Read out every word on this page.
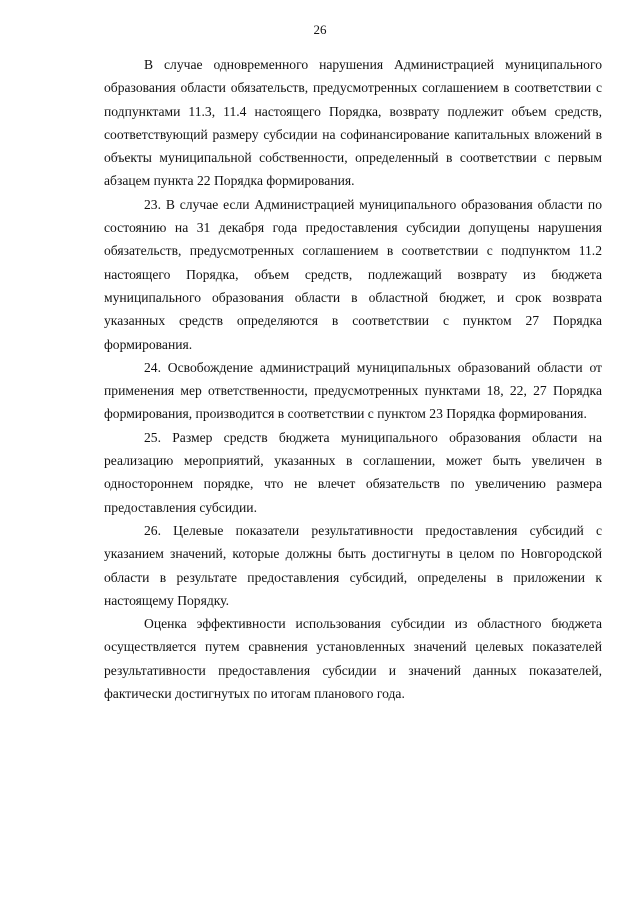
26

В случае одновременного нарушения Администрацией муниципального образования области обязательств, предусмотренных соглашением в соответствии с подпунктами 11.3, 11.4 настоящего Порядка, возврату подлежит объем средств, соответствующий размеру субсидии на софинансирование капитальных вложений в объекты муниципальной собственности, определенный в соответствии с первым абзацем пункта 22 Порядка формирования.

23. В случае если Администрацией муниципального образования области по состоянию на 31 декабря года предоставления субсидии допущены нарушения обязательств, предусмотренных соглашением в соответствии с подпунктом 11.2 настоящего Порядка, объем средств, подлежащий возврату из бюджета муниципального образования области в областной бюджет, и срок возврата указанных средств определяются в соответствии с пунктом 27 Порядка формирования.

24. Освобождение администраций муниципальных образований области от применения мер ответственности, предусмотренных пунктами 18, 22, 27 Порядка формирования, производится в соответствии с пунктом 23 Порядка формирования.

25. Размер средств бюджета муниципального образования области на реализацию мероприятий, указанных в соглашении, может быть увеличен в одностороннем порядке, что не влечет обязательств по увеличению размера предоставления субсидии.

26. Целевые показатели результативности предоставления субсидий с указанием значений, которые должны быть достигнуты в целом по Новгородской области в результате предоставления субсидий, определены в приложении к настоящему Порядку.

Оценка эффективности использования субсидии из областного бюджета осуществляется путем сравнения установленных значений целевых показателей результативности предоставления субсидии и значений данных показателей, фактически достигнутых по итогам планового года.
